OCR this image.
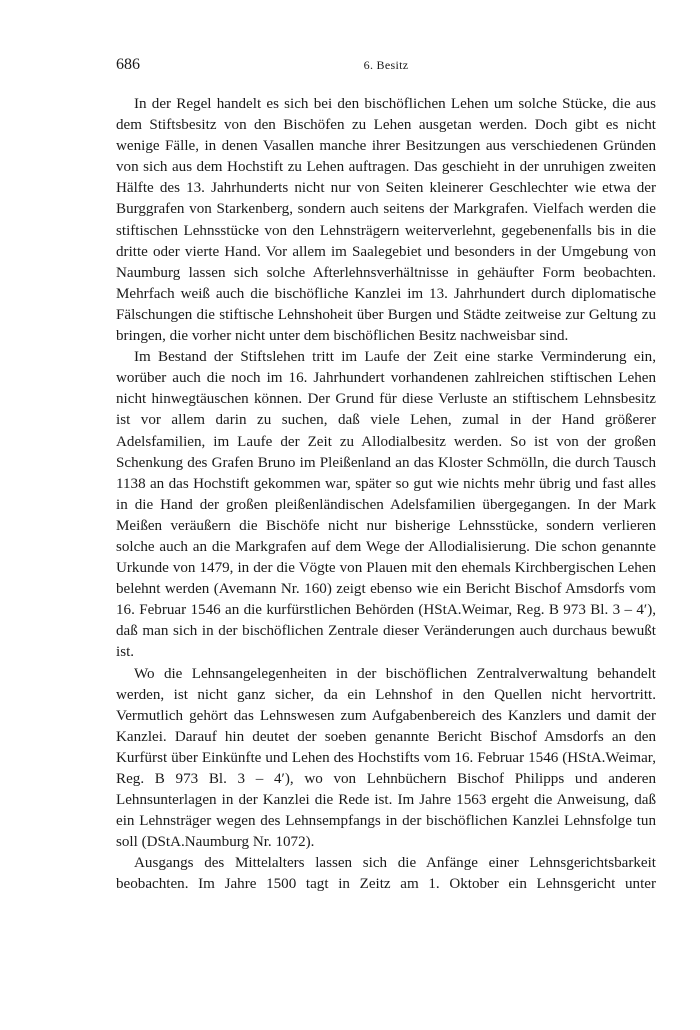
686	6. Besitz

In der Regel handelt es sich bei den bischöflichen Lehen um solche Stücke, die aus dem Stiftsbesitz von den Bischöfen zu Lehen ausgetan werden. Doch gibt es nicht wenige Fälle, in denen Vasallen manche ihrer Besitzungen aus verschiedenen Gründen von sich aus dem Hochstift zu Lehen auftragen. Das geschieht in der unruhigen zweiten Hälfte des 13. Jahrhunderts nicht nur von Seiten kleinerer Geschlechter wie etwa der Burggrafen von Starkenberg, sondern auch seitens der Markgrafen. Vielfach werden die stiftischen Lehnsstücke von den Lehnsträgern weiterverlehnt, gegebenenfalls bis in die dritte oder vierte Hand. Vor allem im Saalegebiet und besonders in der Umgebung von Naumburg lassen sich solche Afterlehnsverhältnisse in gehäufter Form beobachten. Mehrfach weiß auch die bischöfliche Kanzlei im 13. Jahrhundert durch diplomatische Fälschungen die stiftische Lehnshoheit über Burgen und Städte zeitweise zur Geltung zu bringen, die vorher nicht unter dem bischöflichen Besitz nachweisbar sind.

Im Bestand der Stiftslehen tritt im Laufe der Zeit eine starke Verminderung ein, worüber auch die noch im 16. Jahrhundert vorhandenen zahlreichen stiftischen Lehen nicht hinwegtäuschen können. Der Grund für diese Verluste an stiftischem Lehnsbesitz ist vor allem darin zu suchen, daß viele Lehen, zumal in der Hand größerer Adelsfamilien, im Laufe der Zeit zu Allodialbesitz werden. So ist von der großen Schenkung des Grafen Bruno im Pleißenland an das Kloster Schmölln, die durch Tausch 1138 an das Hochstift gekommen war, später so gut wie nichts mehr übrig und fast alles in die Hand der großen pleißenländischen Adelsfamilien übergegangen. In der Mark Meißen veräußern die Bischöfe nicht nur bisherige Lehnsstücke, sondern verlieren solche auch an die Markgrafen auf dem Wege der Allodialisierung. Die schon genannte Urkunde von 1479, in der die Vögte von Plauen mit den ehemals Kirchbergischen Lehen belehnt werden (Avemann Nr. 160) zeigt ebenso wie ein Bericht Bischof Amsdorfs vom 16. Februar 1546 an die kurfürstlichen Behörden (HStA.Weimar, Reg. B 973 Bl. 3 – 4′), daß man sich in der bischöflichen Zentrale dieser Veränderungen auch durchaus bewußt ist.

Wo die Lehnsangelegenheiten in der bischöflichen Zentralverwaltung behandelt werden, ist nicht ganz sicher, da ein Lehnshof in den Quellen nicht hervortritt. Vermutlich gehört das Lehnswesen zum Aufgabenbereich des Kanzlers und damit der Kanzlei. Darauf hin deutet der soeben genannte Bericht Bischof Amsdorfs an den Kurfürst über Einkünfte und Lehen des Hochstifts vom 16. Februar 1546 (HStA.Weimar, Reg. B 973 Bl. 3 – 4′), wo von Lehnbüchern Bischof Philipps und anderen Lehnsunterlagen in der Kanzlei die Rede ist. Im Jahre 1563 ergeht die Anweisung, daß ein Lehnsträger wegen des Lehnsempfangs in der bischöflichen Kanzlei Lehnsfolge tun soll (DStA.Naumburg Nr. 1072).

Ausgangs des Mittelalters lassen sich die Anfänge einer Lehnsgerichtsbarkeit beobachten. Im Jahre 1500 tagt in Zeitz am 1. Oktober ein Lehnsgericht unter
